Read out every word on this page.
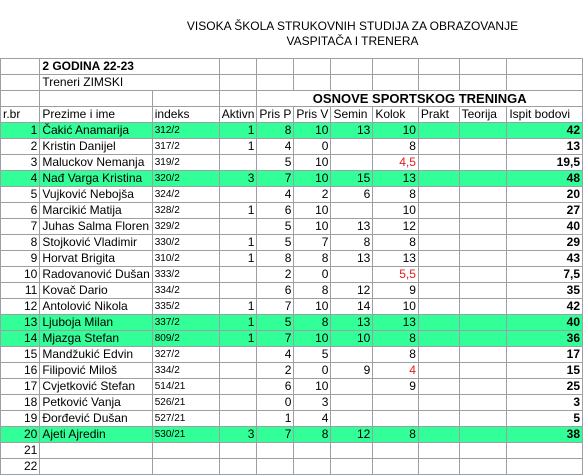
VISOKA ŠKOLA STRUKOVNIH STUDIJA ZA OBRAZOVANJE
VASPITAČA I TRENERA
	2 GODINA 22-23									
	Treneri ZIMSKI									
				OSNOVE SPORTSKOG TRENINGA						
r.br	Prezime i ime	indeks	Aktivn	Pris P	Pris V	Semin	Kolok	Prakt	Teorija	Ispit bodovi
1	Čakić Anamarija	312/2	1	8	10	13	10			42
2	Kristin Danijel	317/2	1	4	0		8			13
3	Maluckov Nemanja	319/2		5	10		4,5			19,5
4	Nađ Varga Kristina	320/2	3	7	10	15	13			48
5	Vujković Nebojša	324/2		4	2	6	8			20
6	Marcikić Matija	328/2	1	6	10		10			27
7	Juhas Salma Floren	329/2		5	10	13	12			40
8	Stojković Vladimir	330/2	1	5	7	8	8			29
9	Horvat Brigita	310/2	1	8	8	13	13			43
10	Radovanović Dušan	333/2		2	0		5,5			7,5
11	Kovač Dario	334/2		6	8	12	9			35
12	Antolović Nikola	335/2	1	7	10	14	10			42
13	Ljuboja Milan	337/2	1	5	8	13	13			40
14	Mjazga Stefan	809/2	1	7	10	10	8			36
15	Mandžukić Edvin	327/2		4	5		8			17
16	Filipović Miloš	334/2		2	0	9	4			15
17	Cvjetković Stefan	514/21		6	10		9			25
18	Petković Vanja	526/21		0	3					3
19	Đorđević Dušan	527/21		1	4					5
20	Ajeti Ajredin	530/21	3	7	8	12	8			38
21										
22										
